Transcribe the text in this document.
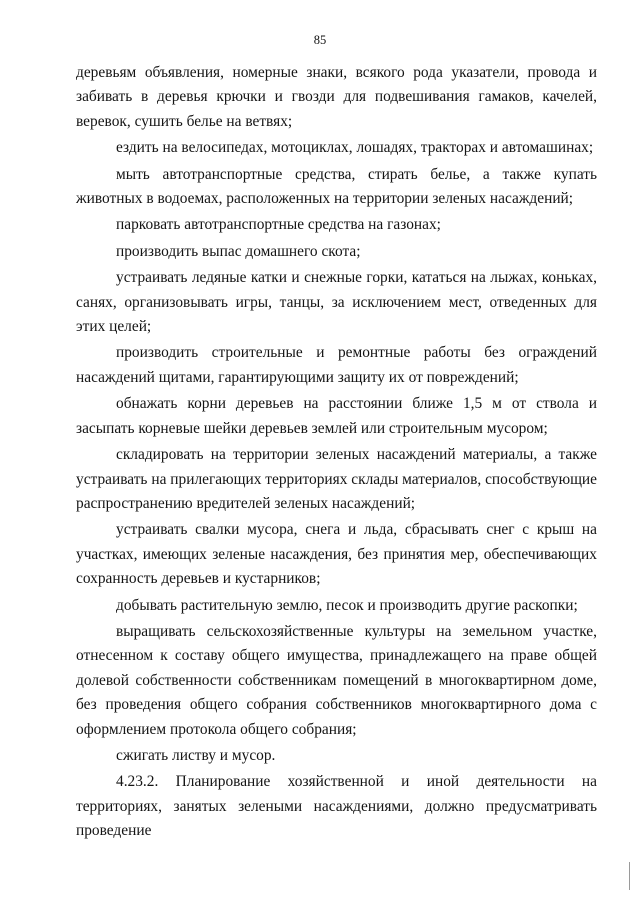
85

деревьям объявления, номерные знаки, всякого рода указатели, провода и забивать в деревья крючки и гвозди для подвешивания гамаков, качелей, веревок, сушить белье на ветвях;

ездить на велосипедах, мотоциклах, лошадях, тракторах и автомашинах;

мыть автотранспортные средства, стирать белье, а также купать животных в водоемах, расположенных на территории зеленых насаждений;

парковать автотранспортные средства на газонах;

производить выпас домашнего скота;

устраивать ледяные катки и снежные горки, кататься на лыжах, коньках, санях, организовывать игры, танцы, за исключением мест, отведенных для этих целей;

производить строительные и ремонтные работы без ограждений насаждений щитами, гарантирующими защиту их от повреждений;

обнажать корни деревьев на расстоянии ближе 1,5 м от ствола и засыпать корневые шейки деревьев землей или строительным мусором;

складировать на территории зеленых насаждений материалы, а также устраивать на прилегающих территориях склады материалов, способствующие распространению вредителей зеленых насаждений;

устраивать свалки мусора, снега и льда, сбрасывать снег с крыш на участках, имеющих зеленые насаждения, без принятия мер, обеспечивающих сохранность деревьев и кустарников;

добывать растительную землю, песок и производить другие раскопки;

выращивать сельскохозяйственные культуры на земельном участке, отнесенном к составу общего имущества, принадлежащего на праве общей долевой собственности собственникам помещений в многоквартирном доме, без проведения общего собрания собственников многоквартирного дома с оформлением протокола общего собрания;

сжигать листву и мусор.

4.23.2. Планирование хозяйственной и иной деятельности на территориях, занятых зелеными насаждениями, должно предусматривать проведение
